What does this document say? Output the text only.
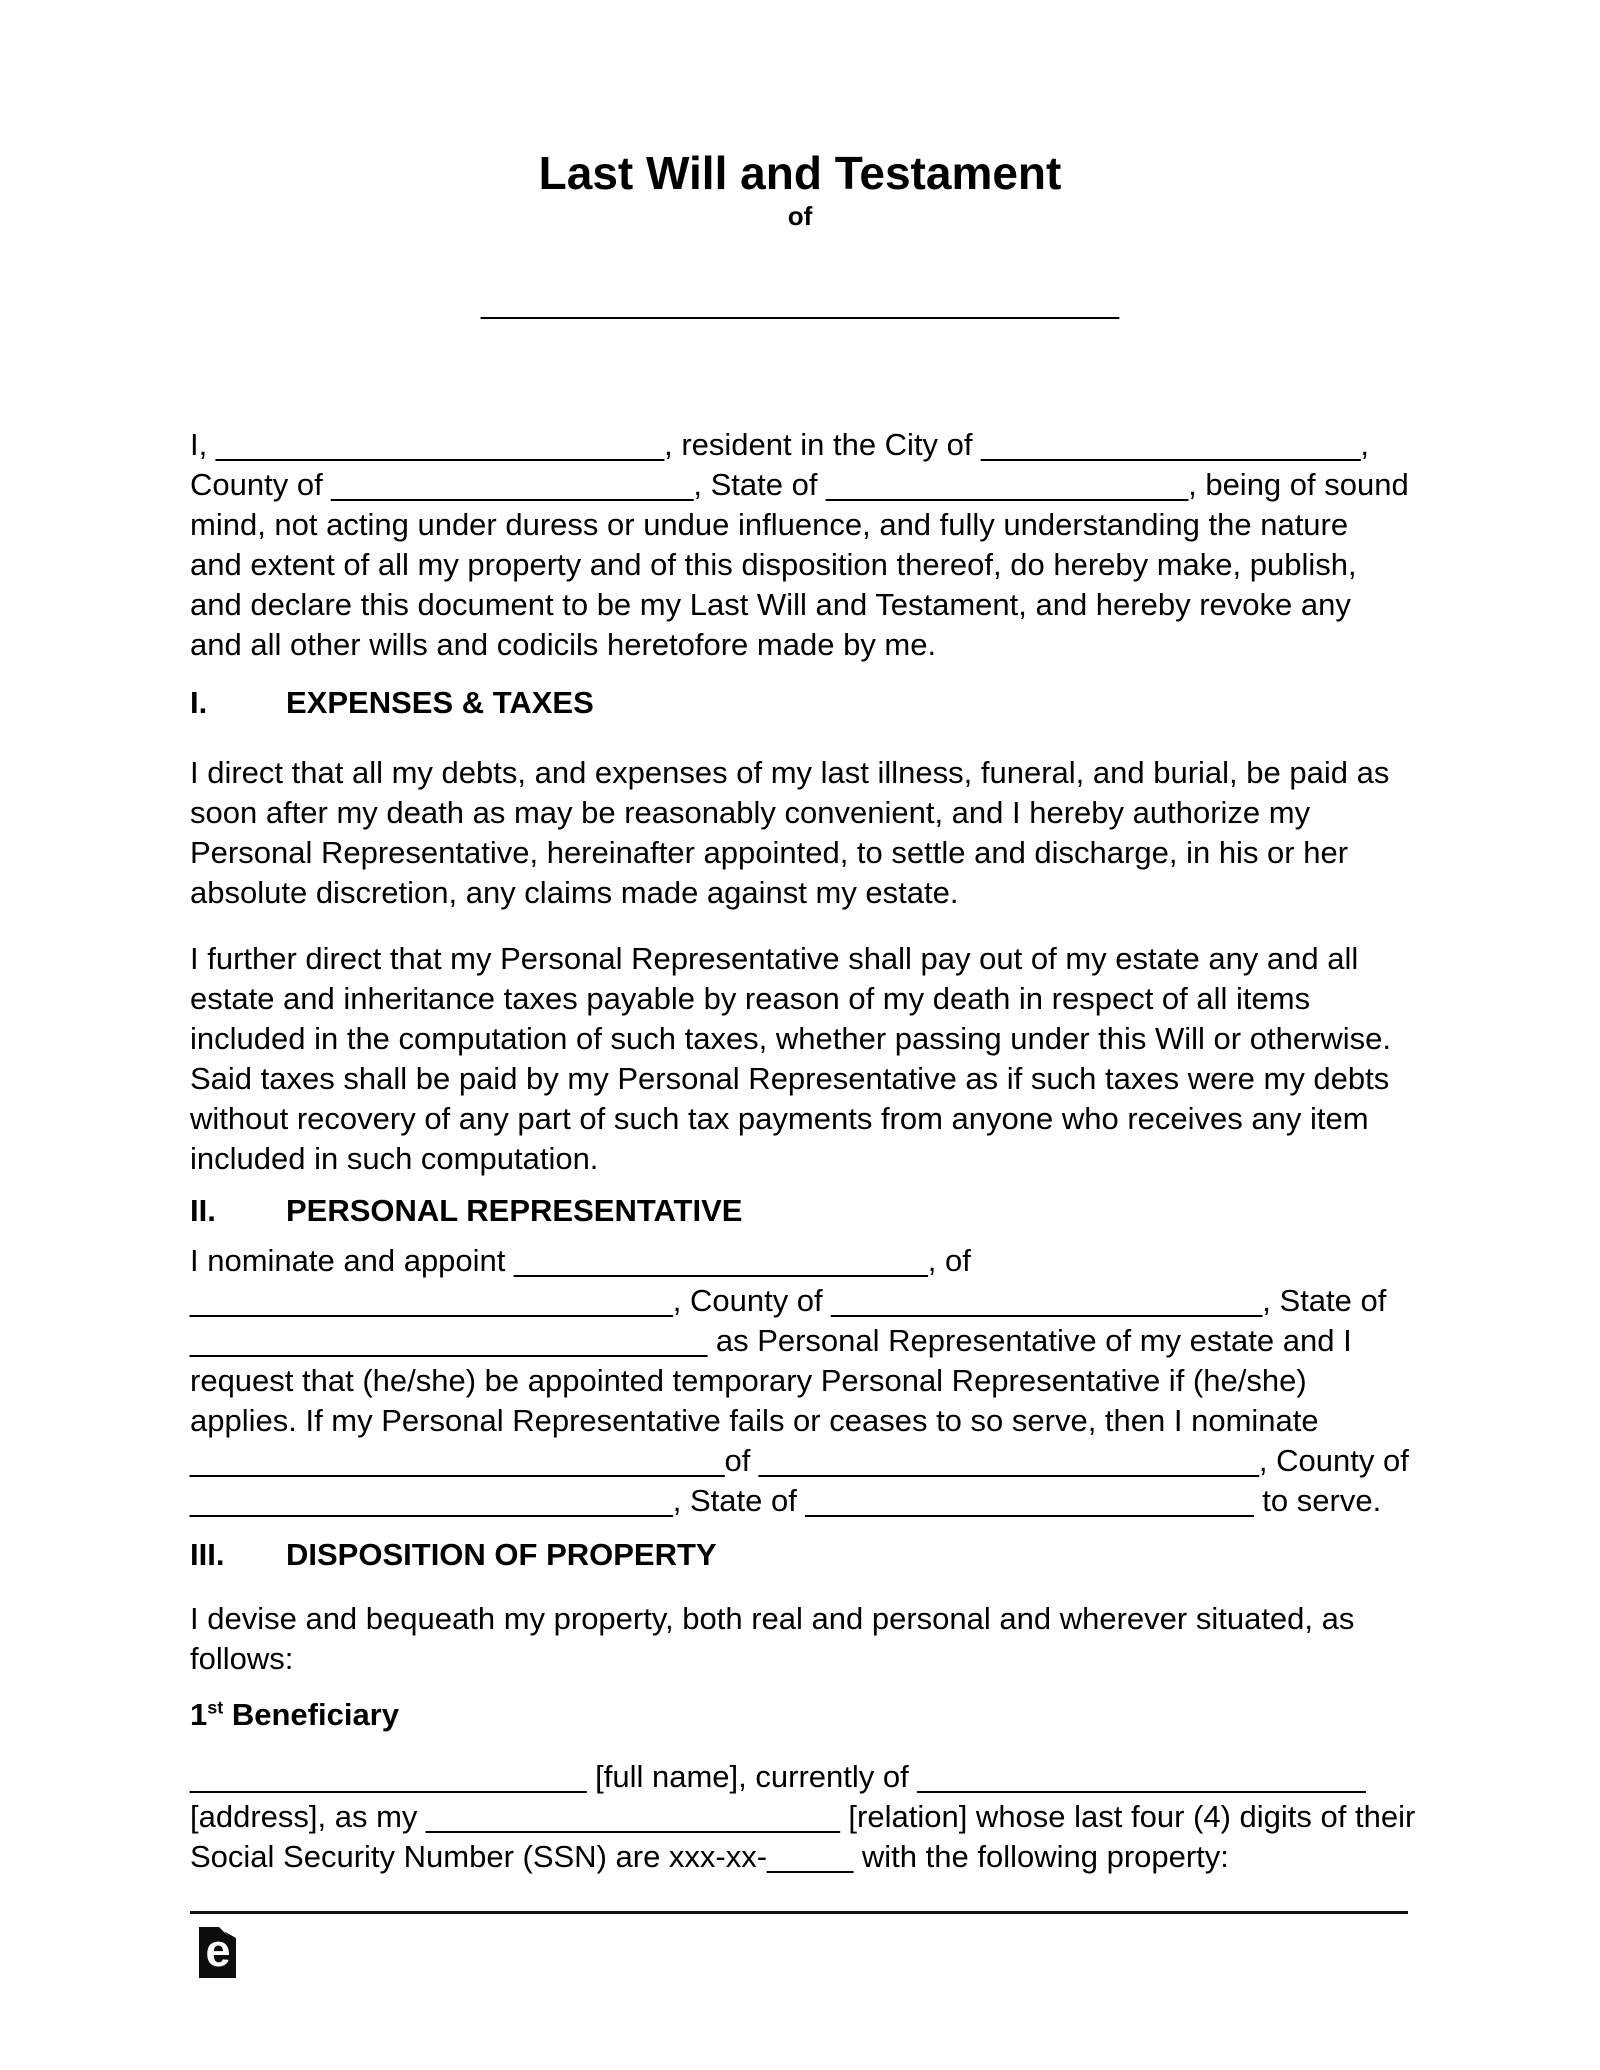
Last Will and Testament
of
_____________________________________
I, __________________________, resident in the City of ______________________,
County of _____________________, State of _____________________, being of sound
mind, not acting under duress or undue influence, and fully understanding the nature
and extent of all my property and of this disposition thereof, do hereby make, publish,
and declare this document to be my Last Will and Testament, and hereby revoke any
and all other wills and codicils heretofore made by me.
I.	EXPENSES & TAXES
I direct that all my debts, and expenses of my last illness, funeral, and burial, be paid as
soon after my death as may be reasonably convenient, and I hereby authorize my
Personal Representative, hereinafter appointed, to settle and discharge, in his or her
absolute discretion, any claims made against my estate.
I further direct that my Personal Representative shall pay out of my estate any and all
estate and inheritance taxes payable by reason of my death in respect of all items
included in the computation of such taxes, whether passing under this Will or otherwise.
Said taxes shall be paid by my Personal Representative as if such taxes were my debts
without recovery of any part of such tax payments from anyone who receives any item
included in such computation.
II. PERSONAL REPRESENTATIVE
I nominate and appoint ________________________, of
____________________________, County of _________________________, State of
______________________________ as Personal Representative of my estate and I
request that (he/she) be appointed temporary Personal Representative if (he/she)
applies. If my Personal Representative fails or ceases to so serve, then I nominate
_______________________________of _____________________________, County of
____________________________, State of __________________________ to serve.
III. DISPOSITION OF PROPERTY
I devise and bequeath my property, both real and personal and wherever situated, as
follows:
1st Beneficiary
_______________________ [full name], currently of __________________________
[address], as my ________________________ [relation] whose last four (4) digits of their
Social Security Number (SSN) are xxx-xx-_____ with the following property:
e
